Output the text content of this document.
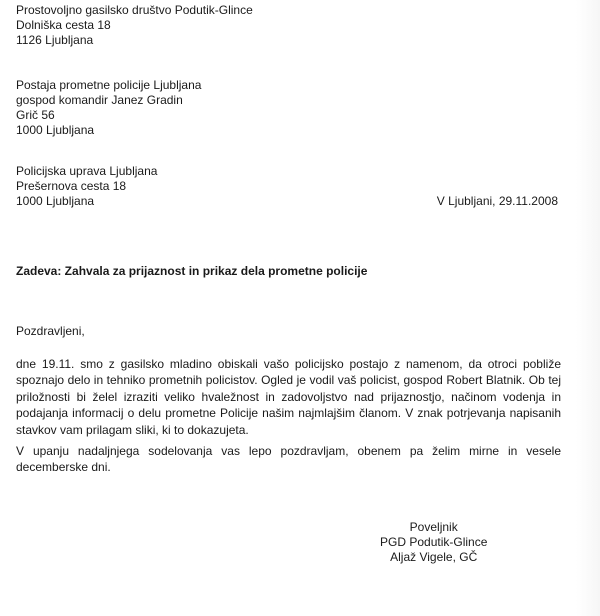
Prostovoljno gasilsko društvo Podutik-Glince
Dolniška cesta 18
1126 Ljubljana
Postaja prometne policije Ljubljana
gospod komandir Janez Gradin
Grič 56
1000 Ljubljana
Policijska uprava Ljubljana
Prešernova cesta 18
1000 Ljubljana	V Ljubljani, 29.11.2008
Zadeva: Zahvala za prijaznost in prikaz dela prometne policije
Pozdravljeni,
dne 19.11. smo z gasilsko mladino obiskali vašo policijsko postajo z namenom, da otroci pobliže spoznajo delo in tehniko prometnih policistov. Ogled je vodil vaš policist, gospod Robert Blatnik. Ob tej priložnosti bi želel izraziti veliko hvaležnost in zadovoljstvo nad prijaznostjo, načinom vodenja in podajanja informacij o delu prometne Policije našim najmlajšim članom. V znak potrjevanja napisanih stavkov vam prilagam sliki, ki to dokazujeta.
V upanju nadaljnjega sodelovanja vas lepo pozdravljam, obenem pa želim mirne in vesele decemberske dni.
Poveljnik
PGD Podutik-Glince
Aljaž Vigele, GČ
